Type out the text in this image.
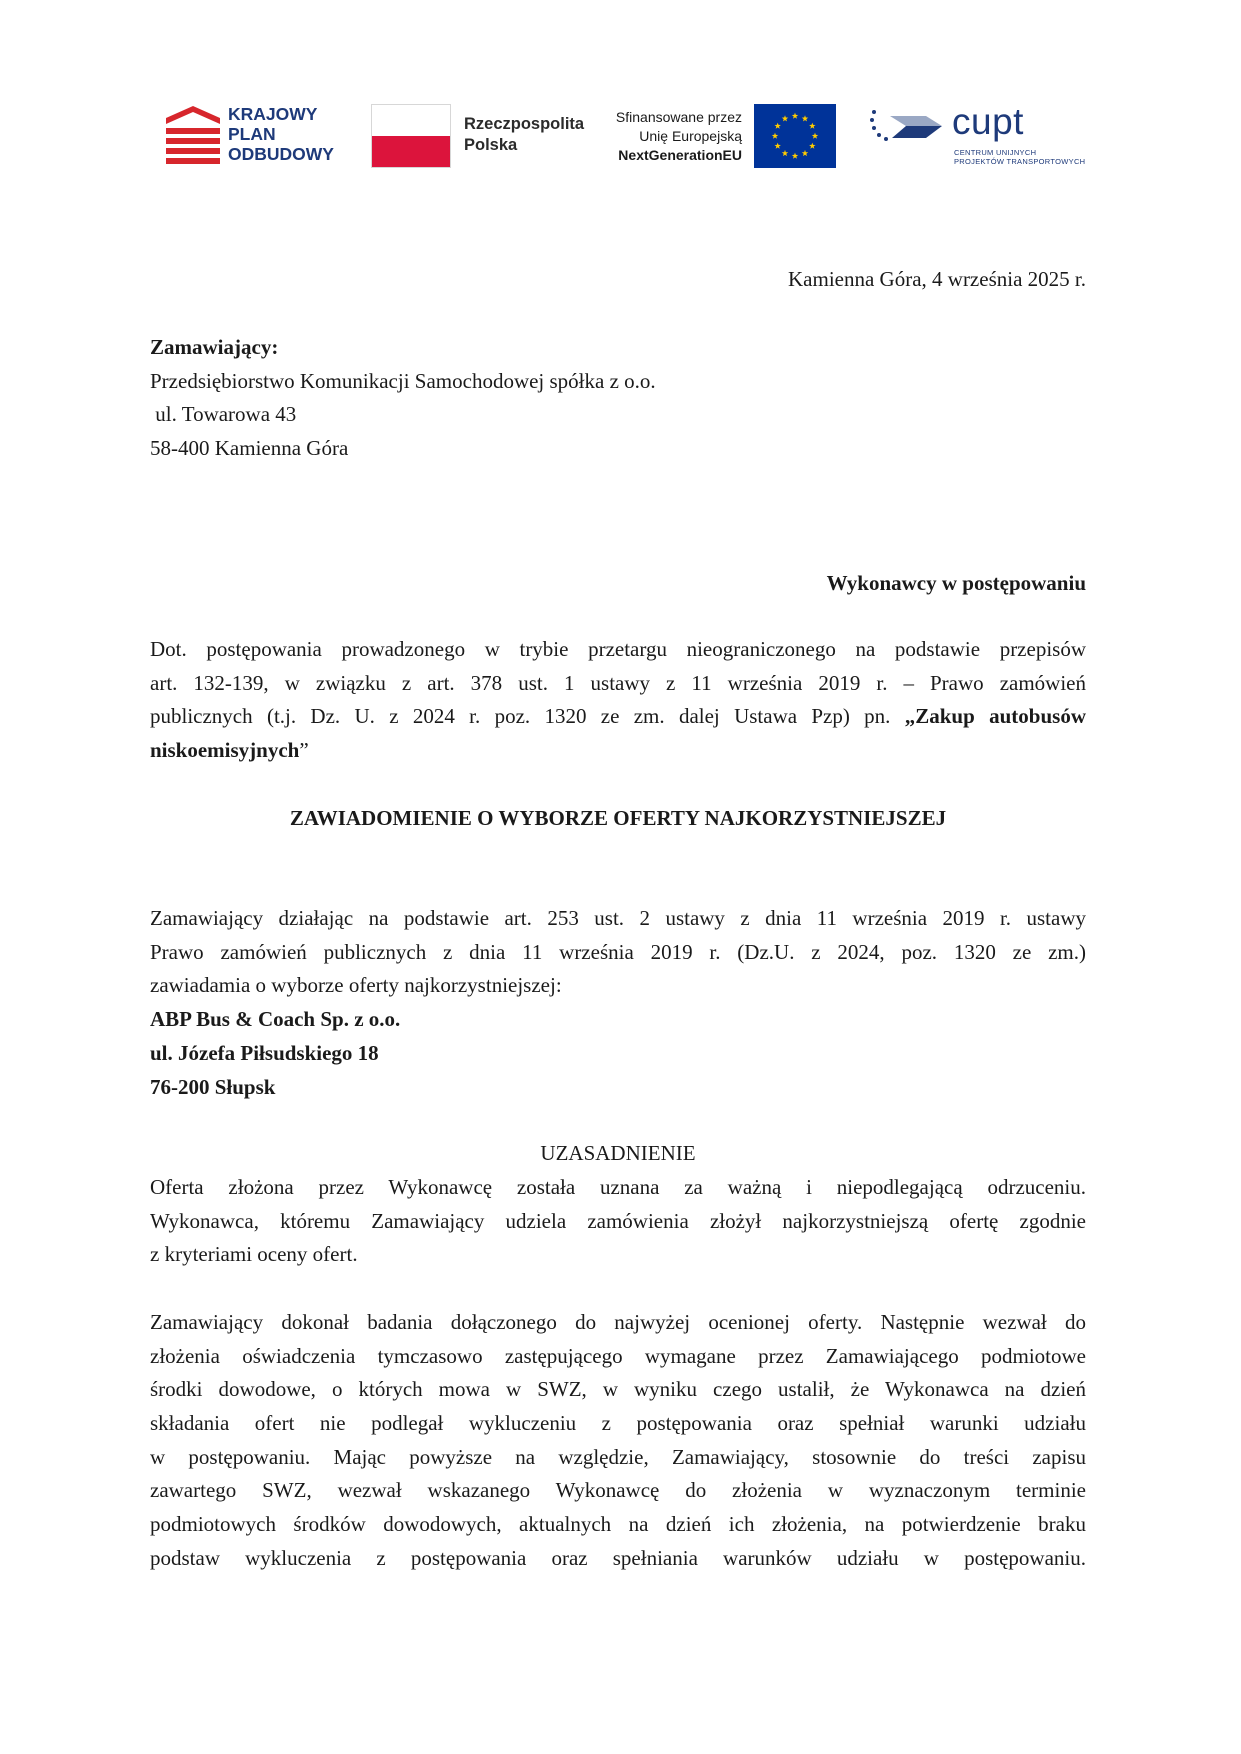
KRAJOWY
PLAN
ODBUDOWY
Rzeczpospolita
Polska
Sfinansowane przez
Unię Europejską
NextGenerationEU
cupt
CENTRUM UNIJNYCH
PROJEKTÓW TRANSPORTOWYCH
Kamienna Góra, 4 września 2025 r.
Zamawiający:
Przedsiębiorstwo Komunikacji Samochodowej spółka z o.o.
ul. Towarowa 43
58-400 Kamienna Góra
Wykonawcy w postępowaniu
Dot. postępowania prowadzonego w trybie przetargu nieograniczonego na podstawie przepisów
art. 132-139, w związku z art. 378 ust. 1 ustawy z 11 września 2019 r. – Prawo zamówień
publicznych (t.j. Dz. U. z 2024 r. poz. 1320 ze zm. dalej Ustawa Pzp) pn. „Zakup autobusów
niskoemisyjnych”
ZAWIADOMIENIE O WYBORZE OFERTY NAJKORZYSTNIEJSZEJ
Zamawiający działając na podstawie art. 253 ust. 2 ustawy z dnia 11 września 2019 r. ustawy
Prawo zamówień publicznych z dnia 11 września 2019 r. (Dz.U. z 2024, poz. 1320 ze zm.)
zawiadamia o wyborze oferty najkorzystniejszej:
ABP Bus & Coach Sp. z o.o.
ul. Józefa Piłsudskiego 18
76-200 Słupsk
UZASADNIENIE
Oferta złożona przez Wykonawcę została uznana za ważną i niepodlegającą odrzuceniu.
Wykonawca, któremu Zamawiający udziela zamówienia złożył najkorzystniejszą ofertę zgodnie
z kryteriami oceny ofert.
Zamawiający dokonał badania dołączonego do najwyżej ocenionej oferty. Następnie wezwał do
złożenia oświadczenia tymczasowo zastępującego wymagane przez Zamawiającego podmiotowe
środki dowodowe, o których mowa w SWZ, w wyniku czego ustalił, że Wykonawca na dzień
składania ofert nie podlegał wykluczeniu z postępowania oraz spełniał warunki udziału
w postępowaniu. Mając powyższe na względzie, Zamawiający, stosownie do treści zapisu
zawartego SWZ, wezwał wskazanego Wykonawcę do złożenia w wyznaczonym terminie
podmiotowych środków dowodowych, aktualnych na dzień ich złożenia, na potwierdzenie braku
podstaw wykluczenia z postępowania oraz spełniania warunków udziału w postępowaniu.
